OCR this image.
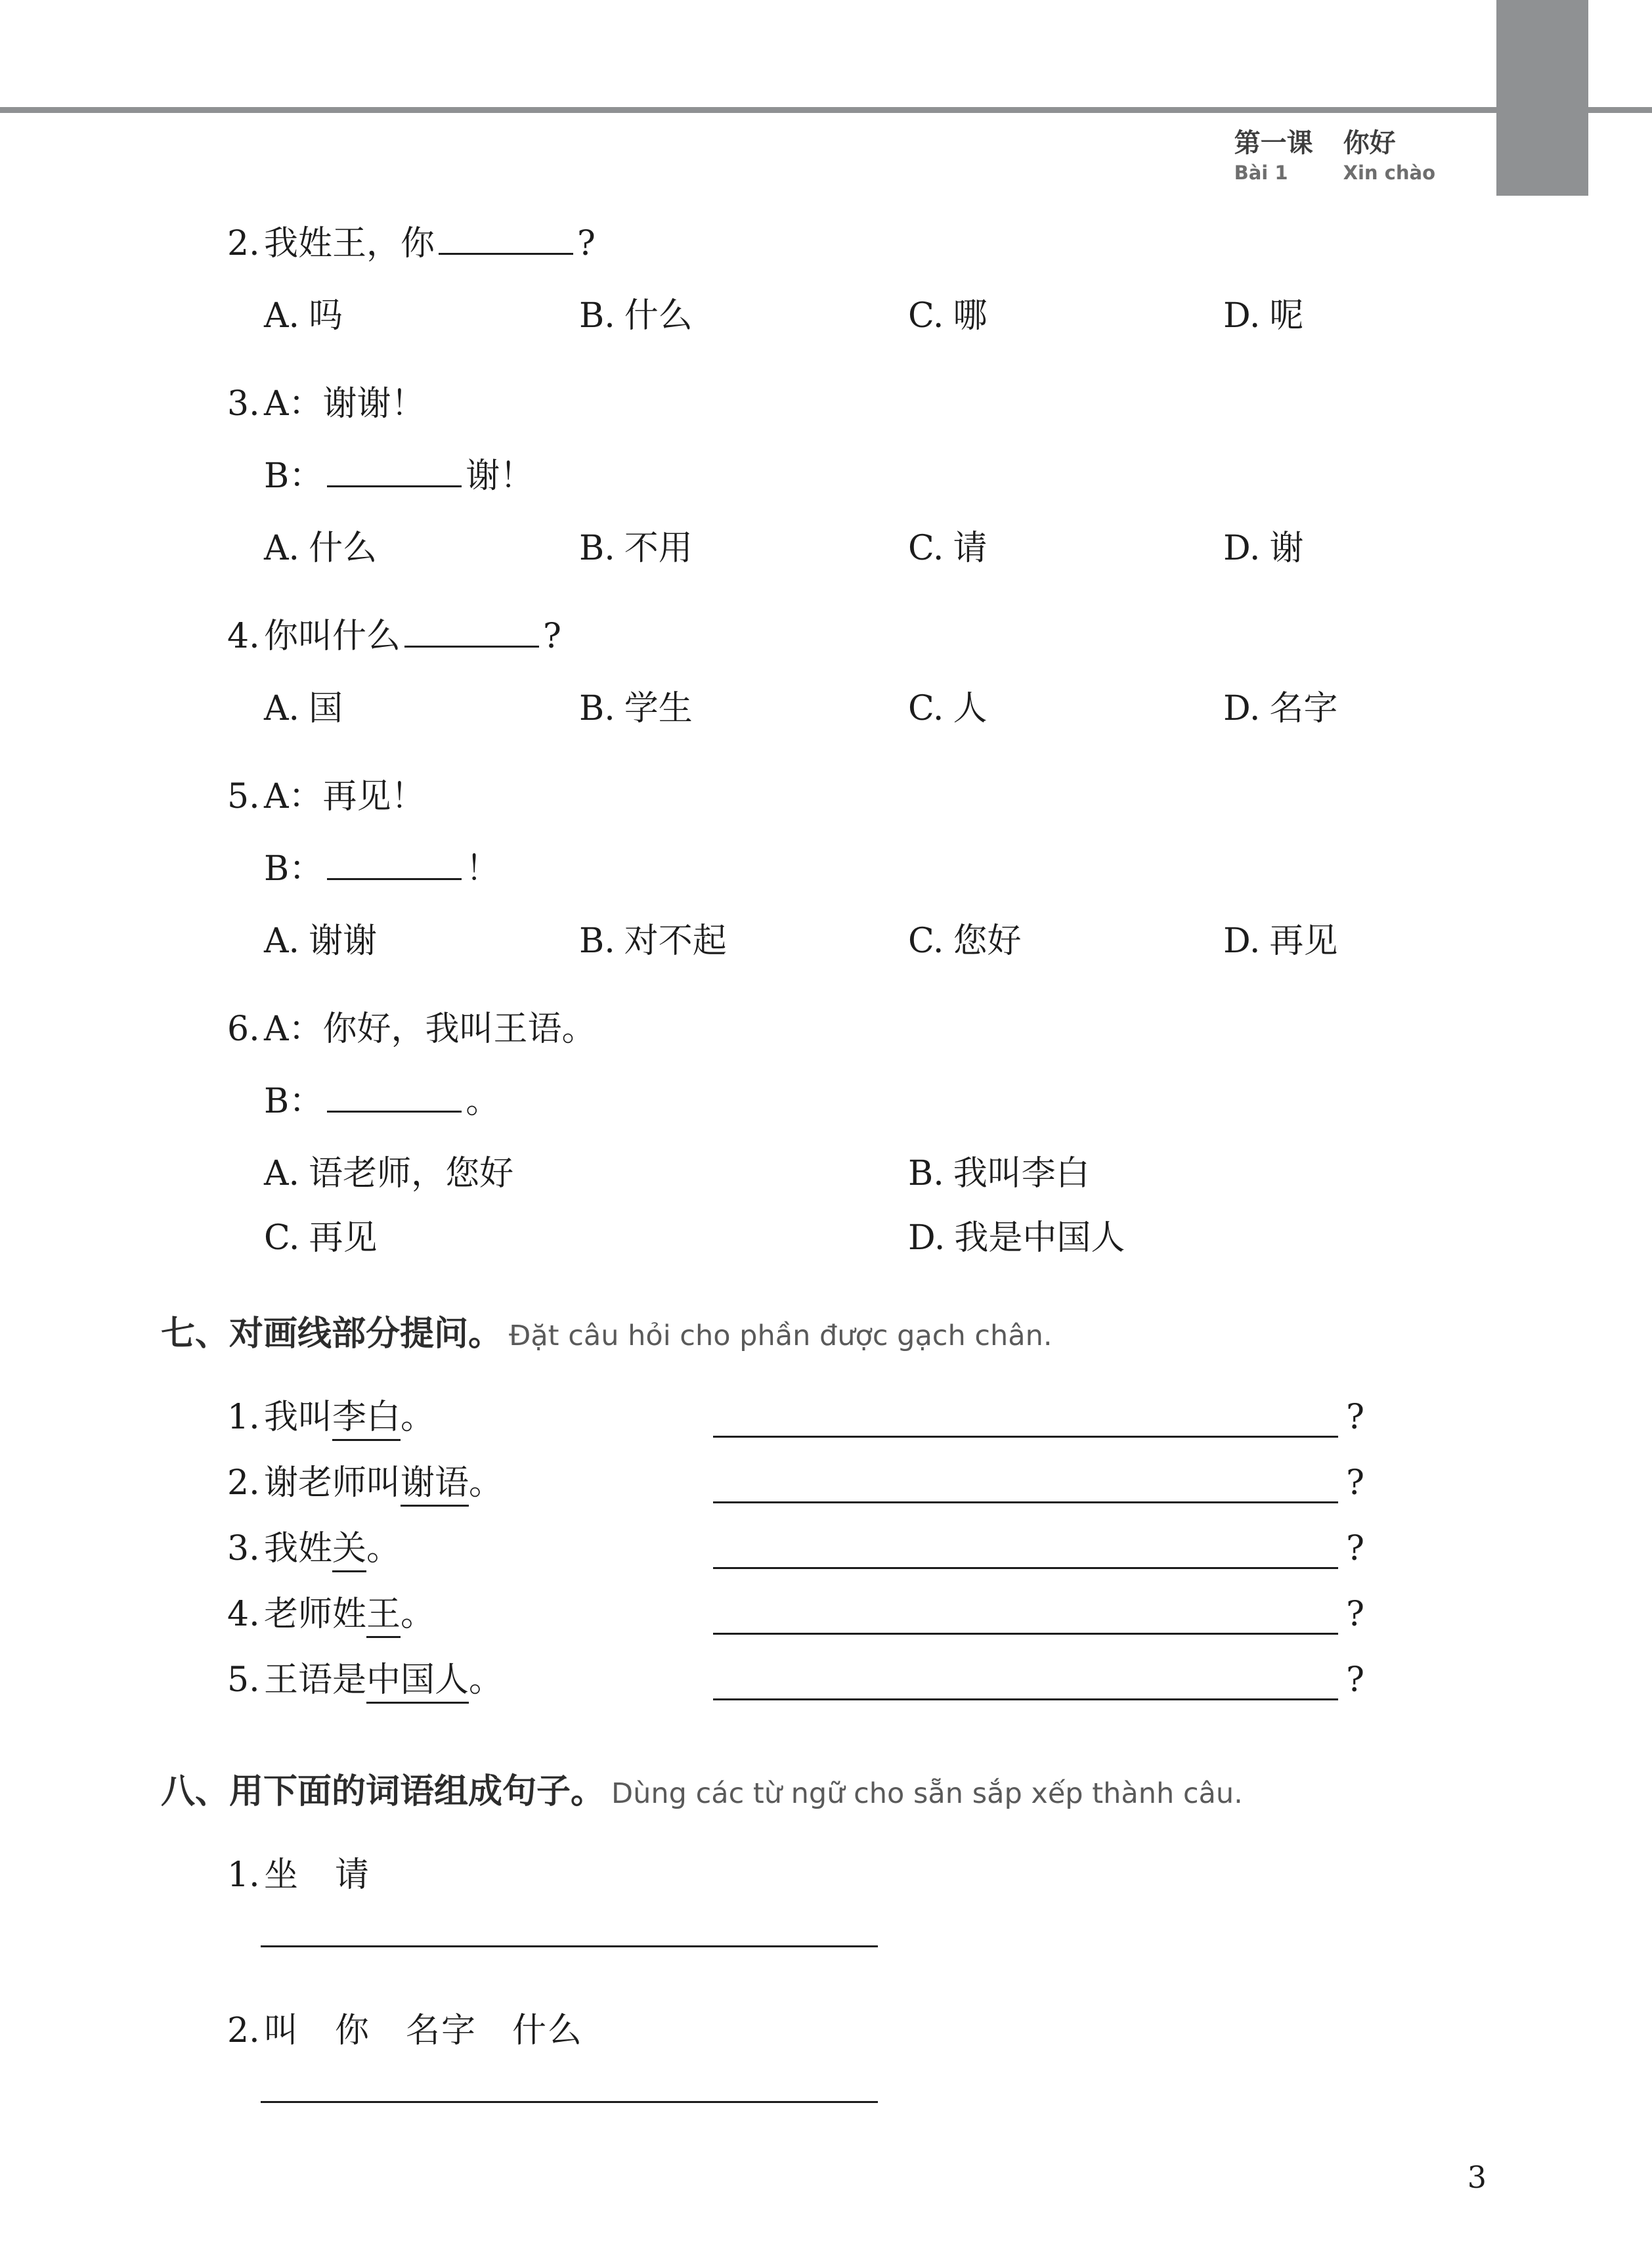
第一课 你好
Bài 1	Xin chào
2. 我姓王，你	?
A. 吗	B. 什么	C. 哪	D. 呢
3. A：谢谢！
B：	谢！
A. 什么	B. 不用	C. 请	D. 谢
4. 你叫什么	?
A. 国	B. 学生	C. 人	D. 名字
5. A：再见！
B：	！
A. 谢谢	B. 对不起	C. 您好	D. 再见
6. A：你好，我叫王语。
B：	。
A. 语老师，您好	B. 我叫李白
C. 再见	D. 我是中国人
七、对画线部分提问。 Đặt câu hỏi cho phần được gạch chân.
1. 我叫李白。	?
2. 谢老师叫谢语。	?
3. 我姓关。	?
4. 老师姓王。	?
5. 王语是中国人。	?
八、用下面的词语组成句子。 Dùng các từ ngữ cho sẵn sắp xếp thành câu.
1. 坐　请
2. 叫　你　名字　什么
3
